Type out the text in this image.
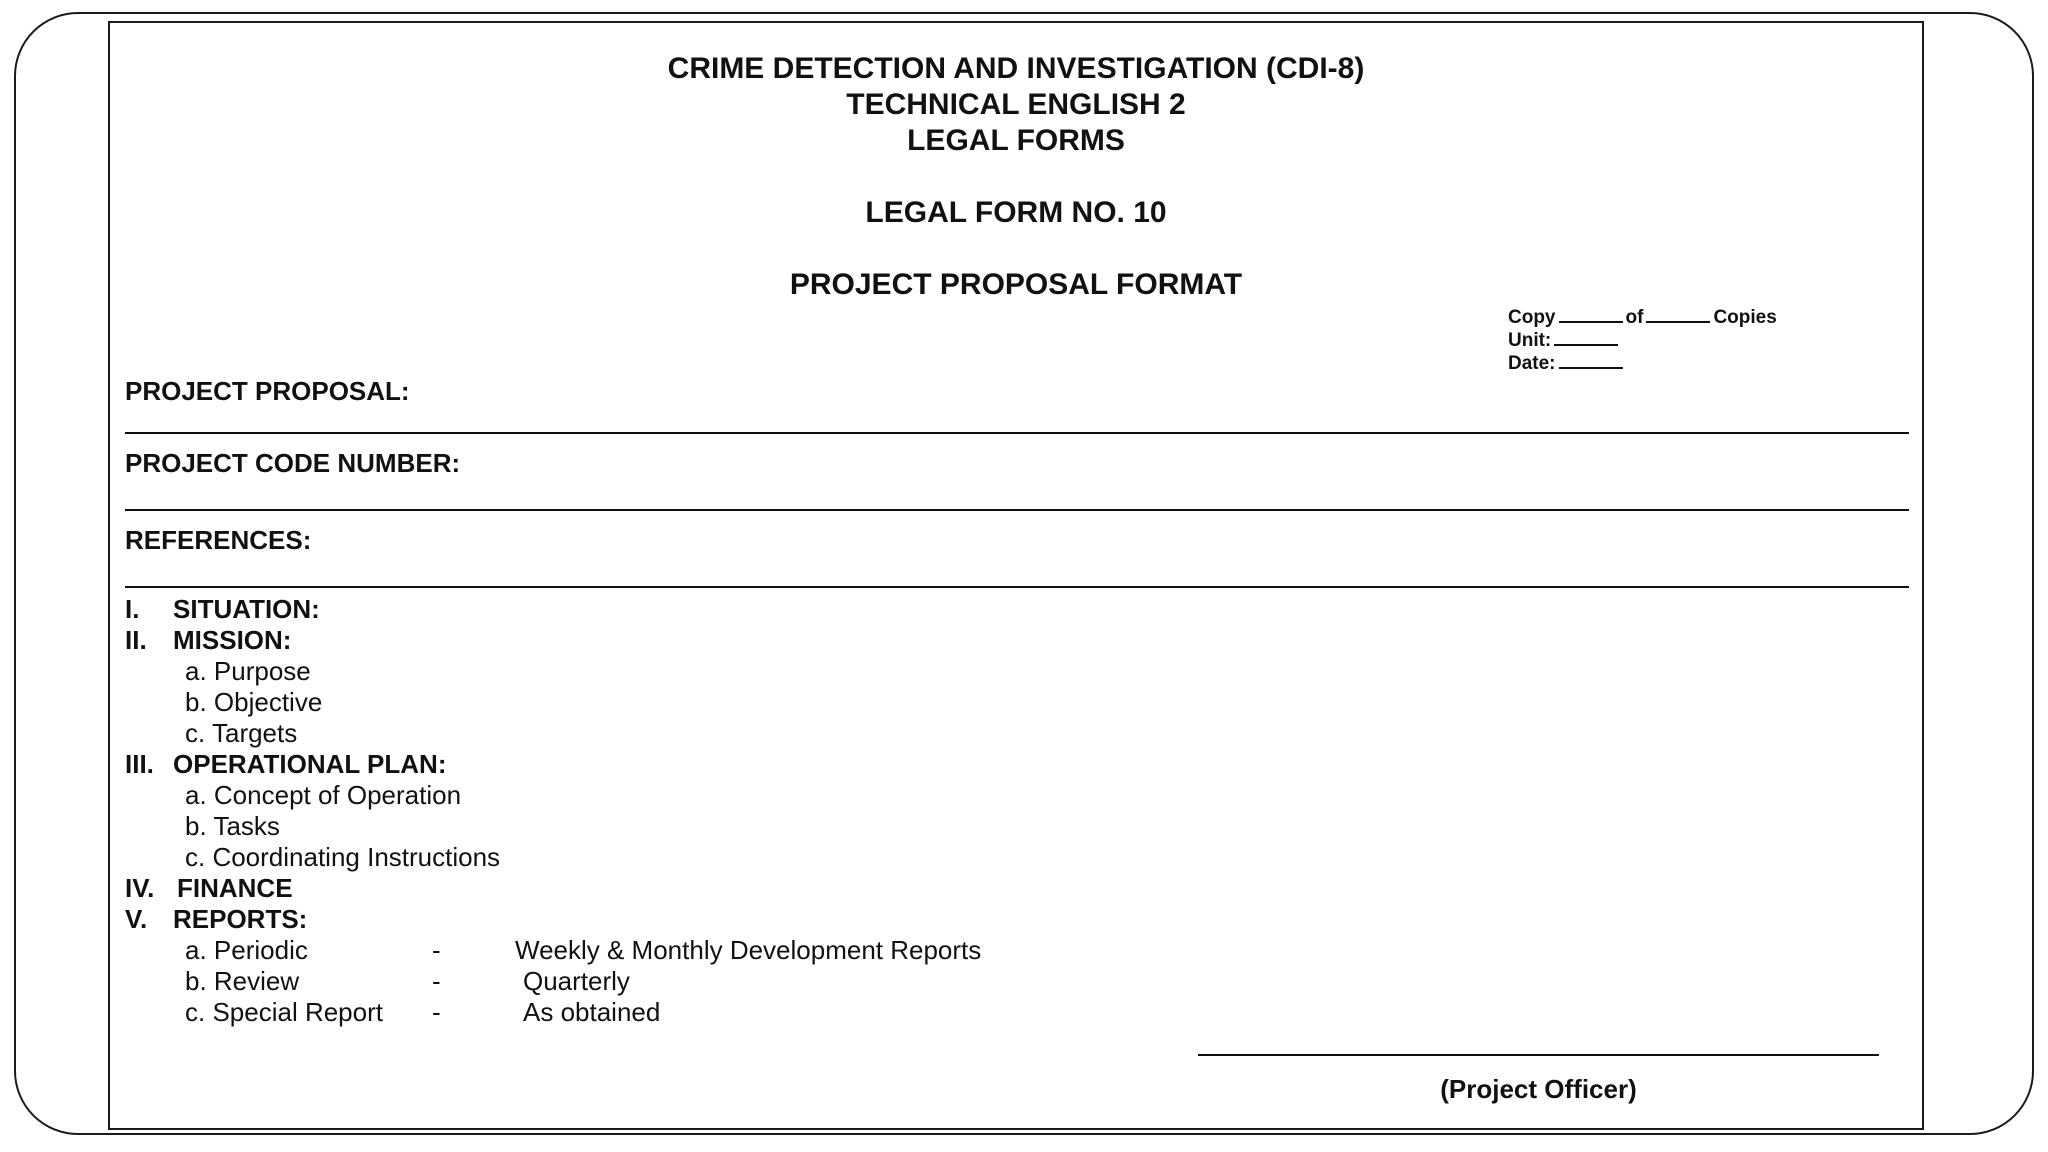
CRIME DETECTION AND INVESTIGATION (CDI-8)
TECHNICAL ENGLISH 2
LEGAL FORMS
LEGAL FORM NO. 10
PROJECT PROPOSAL FORMAT
Copy	of	Copies
Unit:
Date:
PROJECT PROPOSAL:
PROJECT CODE NUMBER:
REFERENCES:
I. SITUATION:
II. MISSION:
a. Purpose
b. Objective
c. Targets
III. OPERATIONAL PLAN:
a. Concept of Operation
b. Tasks
c. Coordinating Instructions
IV. FINANCE
V. REPORTS:
a. Periodic	-	Weekly & Monthly Development Reports
b. Review	-	Quarterly
c. Special Report -	As obtained
(Project Officer)
